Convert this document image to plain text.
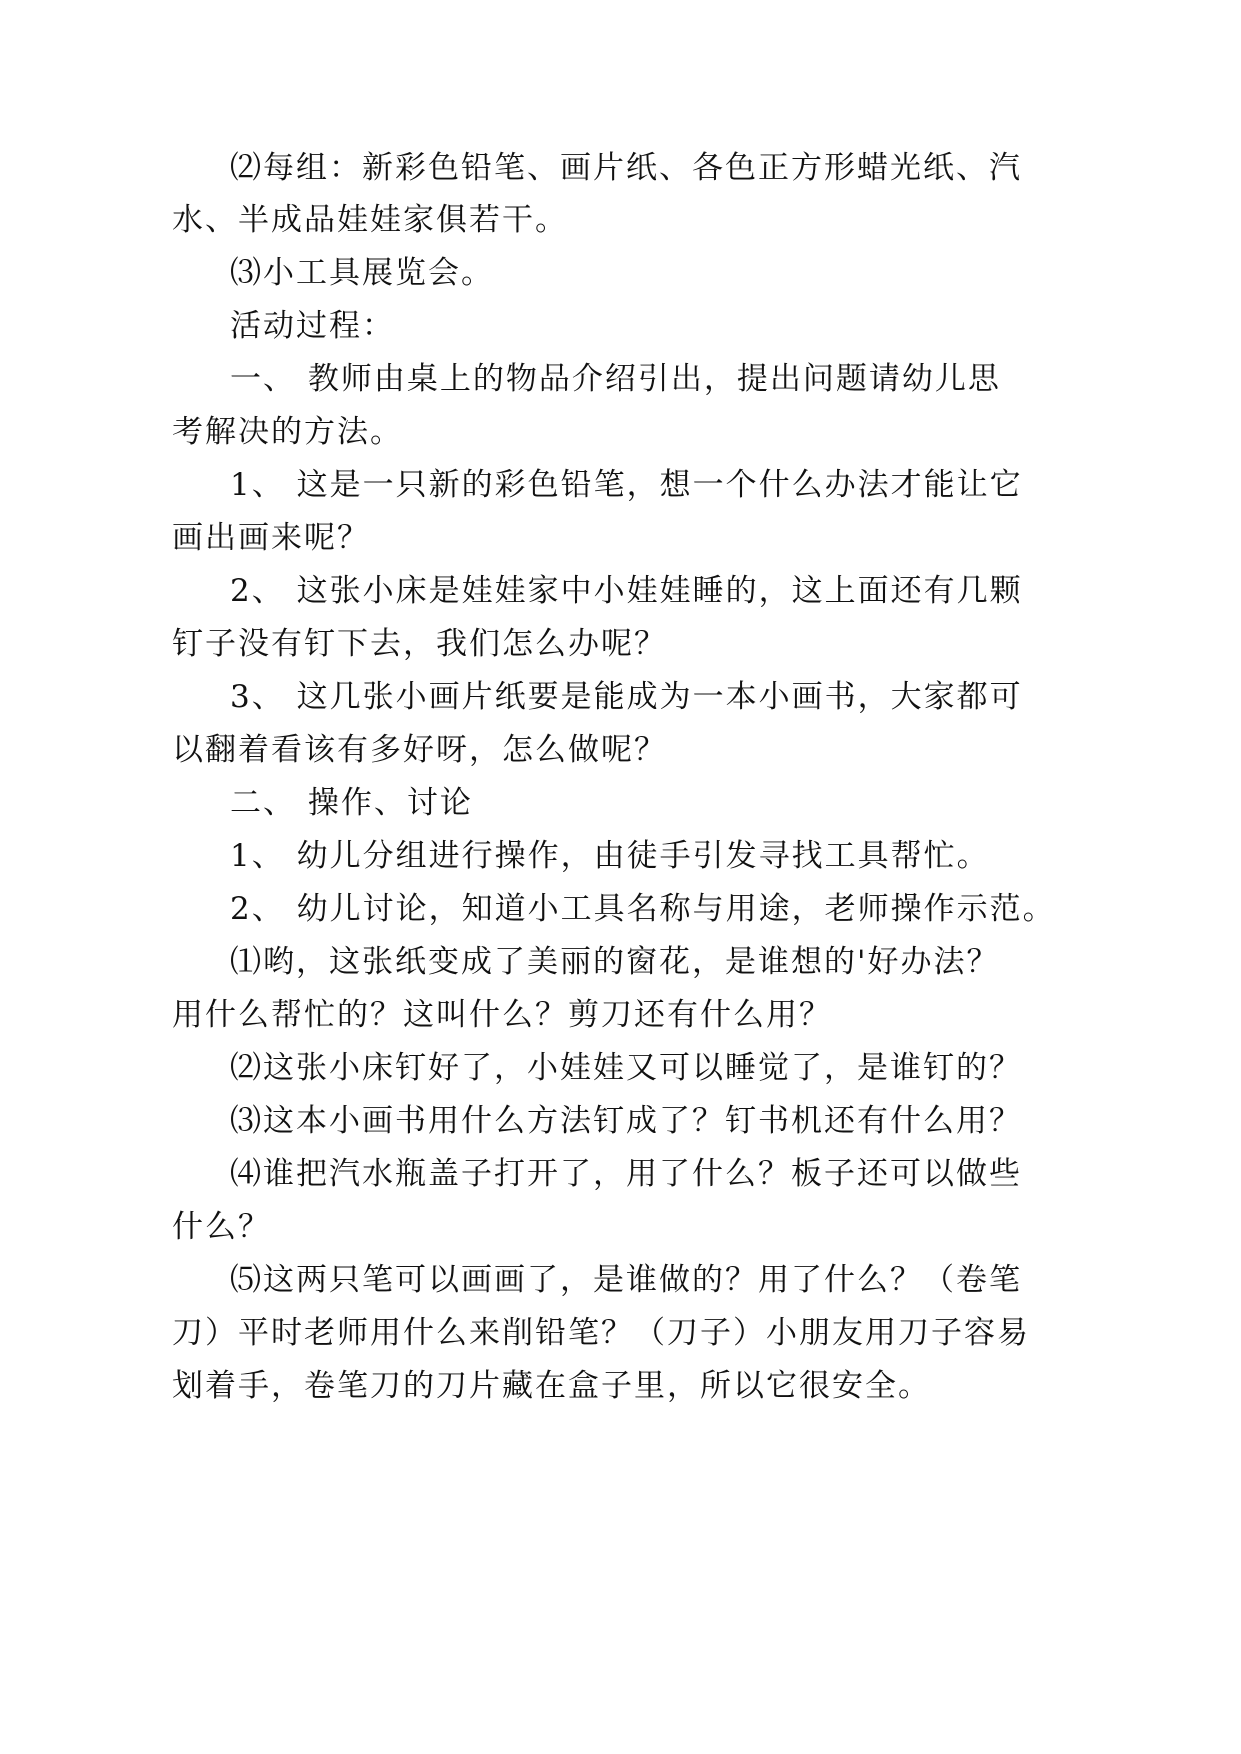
⑵每组：新彩色铅笔、画片纸、各色正方形蜡光纸、汽

水、半成品娃娃家俱若干。

⑶小工具展览会。

活动过程：

一、 教师由桌上的物品介绍引出，提出问题请幼儿思

考解决的方法。

1、 这是一只新的彩色铅笔，想一个什么办法才能让它

画出画来呢？

2、 这张小床是娃娃家中小娃娃睡的，这上面还有几颗

钉子没有钉下去，我们怎么办呢？

3、 这几张小画片纸要是能成为一本小画书，大家都可

以翻着看该有多好呀，怎么做呢？

二、 操作、讨论

1、 幼儿分组进行操作，由徒手引发寻找工具帮忙。

2、 幼儿讨论，知道小工具名称与用途，老师操作示范。

⑴哟，这张纸变成了美丽的窗花，是谁想的'好办法？

用什么帮忙的？这叫什么？剪刀还有什么用？

⑵这张小床钉好了，小娃娃又可以睡觉了，是谁钉的？

⑶这本小画书用什么方法钉成了？钉书机还有什么用？

⑷谁把汽水瓶盖子打开了，用了什么？板子还可以做些

什么？

⑸这两只笔可以画画了，是谁做的？用了什么？（卷笔

刀）平时老师用什么来削铅笔？（刀子）小朋友用刀子容易

划着手，卷笔刀的刀片藏在盒子里，所以它很安全。
